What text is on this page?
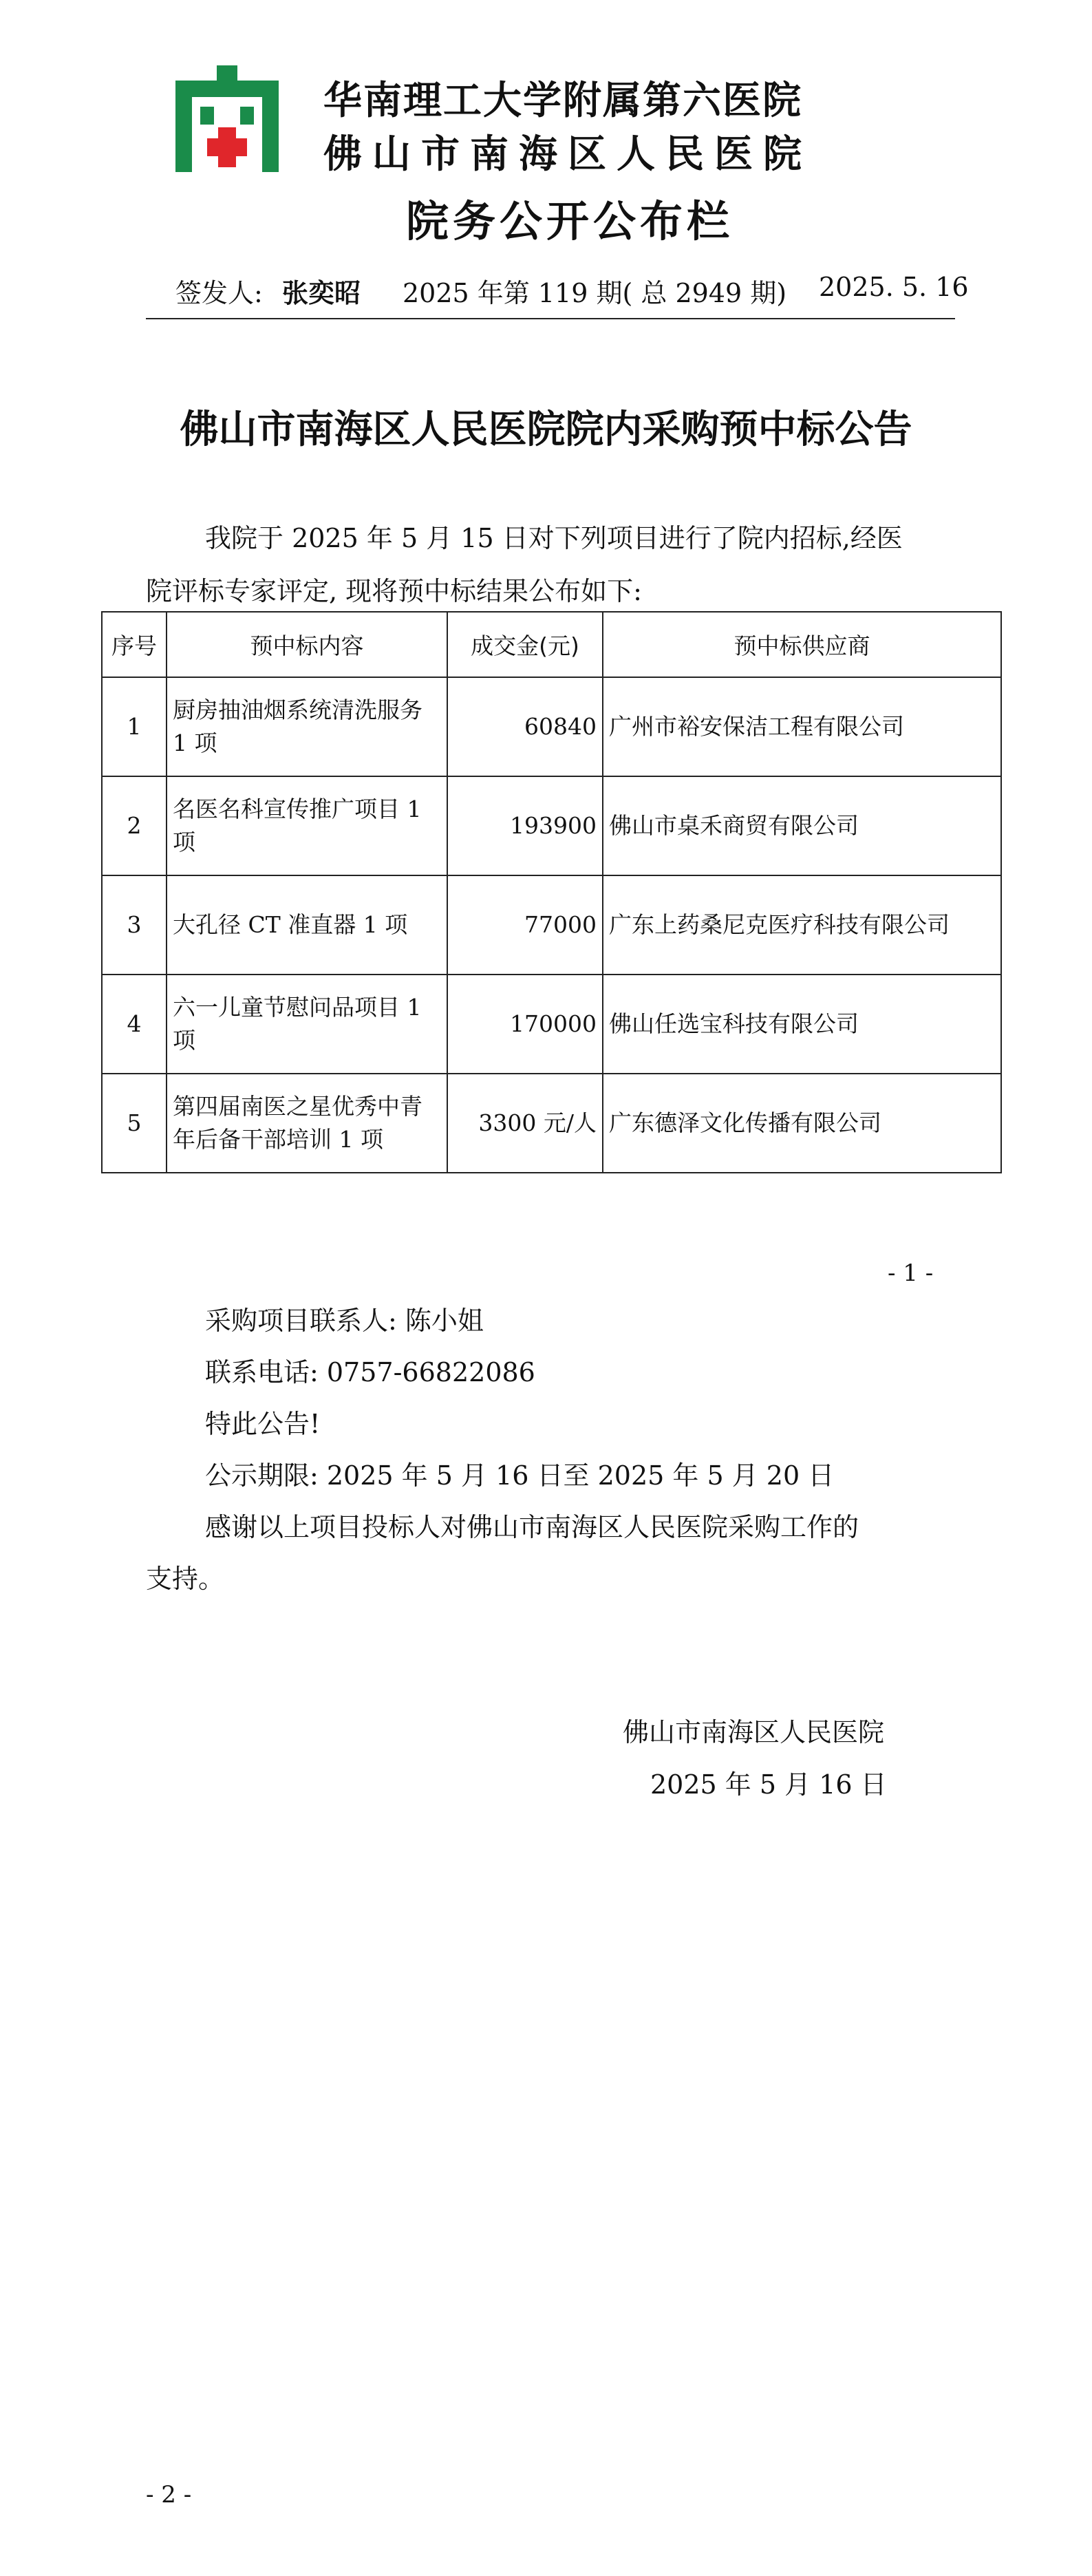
华南理工大学附属第六医院
佛山市南海区人民医院
院务公开公布栏
签发人: 张奕昭 2025 年第 119 期( 总 2949 期) 2025. 5. 16
佛山市南海区人民医院院内采购预中标公告
我院于 2025 年 5 月 15 日对下列项目进行了院内招标,经医
院评标专家评定, 现将预中标结果公布如下:
序号	预中标内容	成交金(元)	预中标供应商
1	厨房抽油烟系统清洗服务 1 项	60840	广州市裕安保洁工程有限公司
2	名医名科宣传推广项目 1 项	193900	佛山市桌禾商贸有限公司
3	大孔径 CT 准直器 1 项	77000	广东上药桑尼克医疗科技有限公司
4	六一儿童节慰问品项目 1 项	170000	佛山任选宝科技有限公司
5	第四届南医之星优秀中青年后备干部培训 1 项	3300 元/人	广东德泽文化传播有限公司
- 1 -
采购项目联系人: 陈小姐
联系电话: 0757-66822086
特此公告!
公示期限: 2025 年 5 月 16 日至 2025 年 5 月 20 日
感谢以上项目投标人对佛山市南海区人民医院采购工作的
支持。
佛山市南海区人民医院
2025 年 5 月 16 日
- 2 -
